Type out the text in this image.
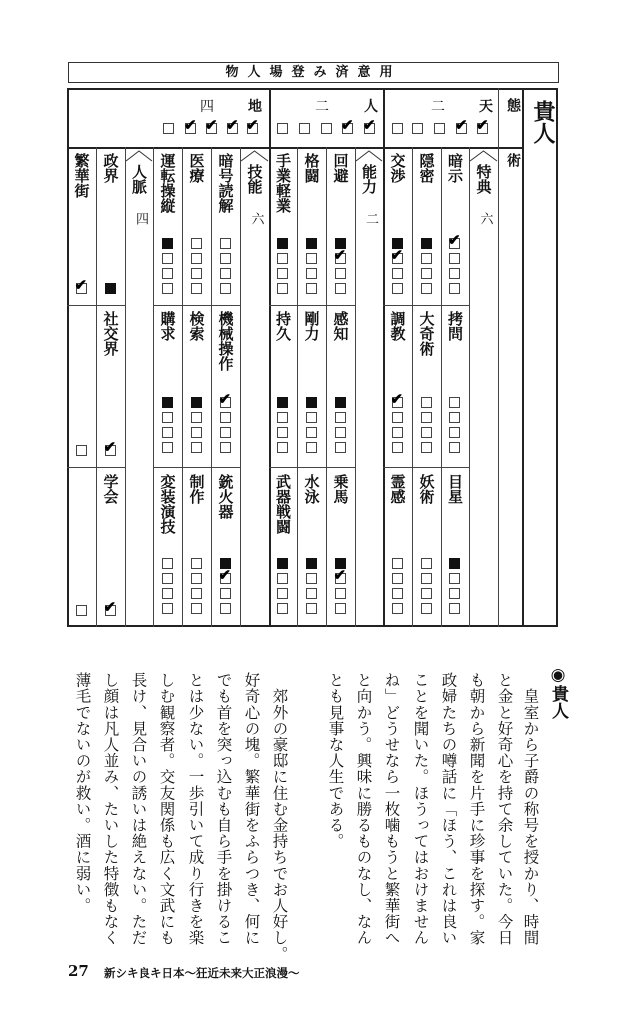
物人場登み済意用
天
二
✔
✔
人
二
✔
✔
地
四
✔
✔
✔
✔
特典
六
暗示
✔
拷問
目星
隠密
大奇術
妖術
交渉
✔
調教
✔
霊感
能力
二
回避
✔
感知
乗馬
✔
格闘
剛力
水泳
手業軽業
持久
武器戦闘
技能
六
暗号読解
機械操作
✔
銃火器
✔
医療
検索
制作
運転操縦
購求
変装演技
人脈
四
政界
社交界
✔
学会
✔
繁華街
✔
貴人
態
術
◉貴人
　皇室から子爵の称号を授かり、時間
と金と好奇心を持て余していた。今日
も朝から新聞を片手に珍事を探す。家
政婦たちの噂話に「ほう、これは良い
ことを聞いた。ほうってはおけません
ね」どうせなら一枚噛もうと繁華街へ
と向かう。興味に勝るものなし、なん
とも見事な人生である。
　郊外の豪邸に住む金持ちでお人好し。
好奇心の塊。繁華街をふらつき、何に
でも首を突っ込むも自ら手を掛けるこ
とは少ない。一歩引いて成り行きを楽
しむ観察者。交友関係も広く文武にも
長け、見合いの誘いは絶えない。ただ
し顔は凡人並み、たいした特徴もなく
薄毛でないのが救い。酒に弱い。
27 新シキ良キ日本〜狂近未来大正浪漫〜
